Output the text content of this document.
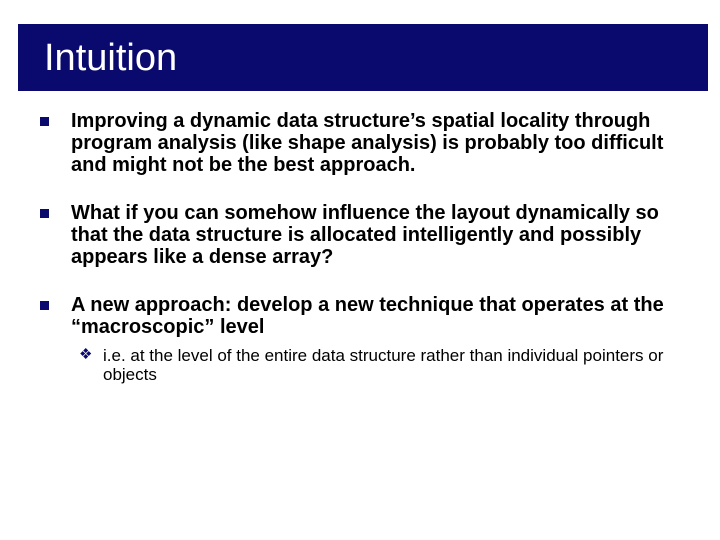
Intuition
Improving a dynamic data structure’s spatial locality through program analysis (like shape analysis) is probably too difficult and might not be the best approach.
What if you can somehow influence the layout dynamically so that the data structure is allocated intelligently and possibly appears like a dense array?
A new approach: develop a new technique that operates at the “macroscopic” level
❖ i.e. at the level of the entire data structure rather than individual pointers or objects
